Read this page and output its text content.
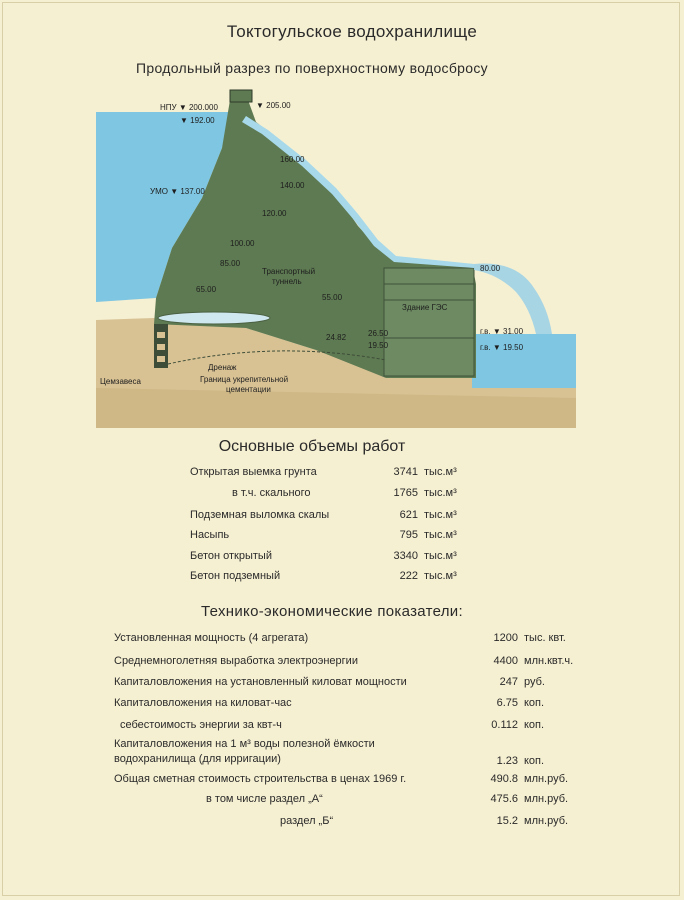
Токтогульское водохранилище
Продольный разрез по поверхностному водосбросу
НПУ ▼ 200.000	▼ 205.00
▼ 192.00
УМО ▼ 137.00
160.00
140.00
120.00
100.00
85.00
65.00
80.00
55.00
24.82	26.50
19.50
г.в. ▼ 31.00
г.в. ▼ 19.50
Транспортный
туннель
Здание ГЭС
Дренаж
Цемзавеса	Граница укрепительной
цементации
Основные объемы работ
Открытая выемка грунта	3741 тыс.м³
в т.ч. скального	1765 тыс.м³
Подземная выломка скалы	621 тыс.м³
Насыпь	795 тыс.м³
Бетон открытый	3340 тыс.м³
Бетон подземный	222 тыс.м³
Технико-экономические показатели:
Установленная мощность (4 агрегата)	1200 тыс. квт.
Среднемноголетняя выработка электроэнергии	4400 млн.квт.ч.
Капиталовложения на установленный киловат мощности	247 руб.
Капиталовложения на киловат-час	6.75 коп.
себестоимость энергии за квт-ч	0.112 коп.
Капиталовложения на 1 м³ воды полезной ёмкости
водохранилища (для ирригации)	1.23 коп.
Общая сметная стоимость строительства в ценах 1969 г.	490.8 млн.руб.
в том числе раздел „А“	475.6 млн.руб.
раздел „Б“	15.2 млн.руб.
